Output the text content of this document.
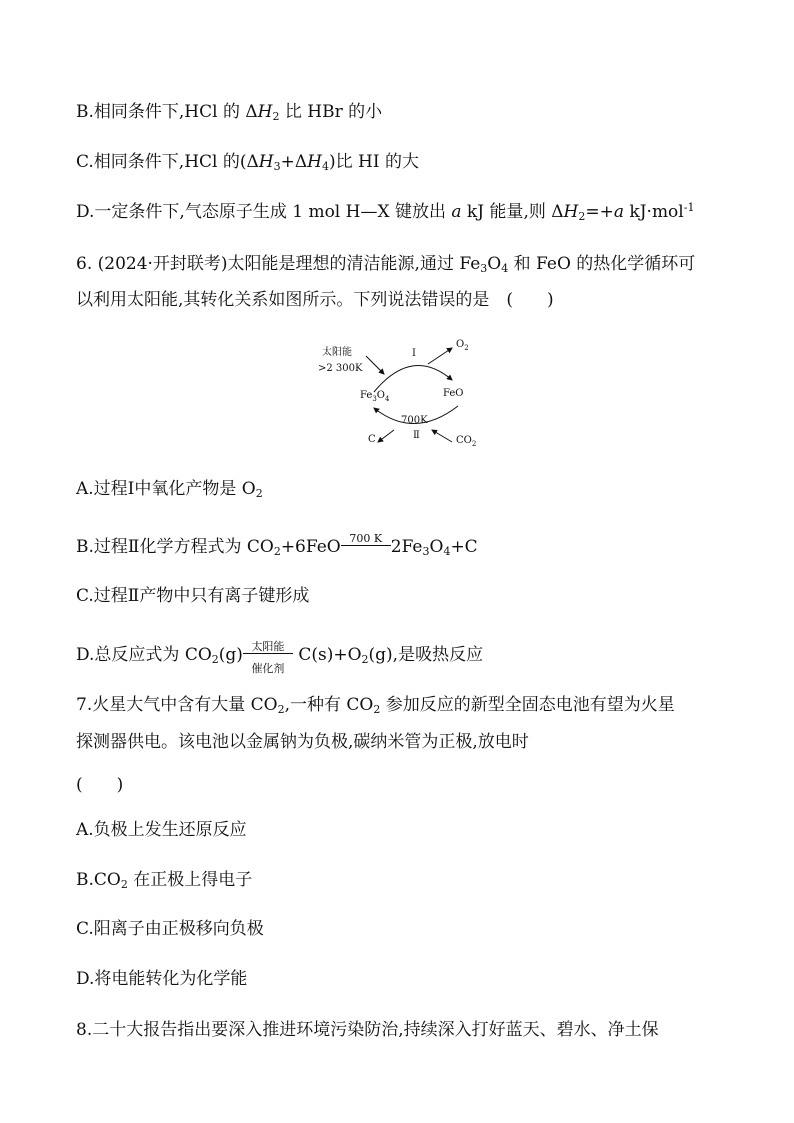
B.相同条件下,HCl 的 $\Delta H_2$ 比 HBr 的小
C.相同条件下,HCl 的$(\Delta H_3+\Delta H_4)$比 HI 的大
D.一定条件下,气态原子生成 1 mol H—X 键放出 a kJ 能量,则 $\Delta H_2=+a$ kJ·mol$^{-1}$
6. (2024·开封联考)太阳能是理想的清洁能源,通过 $Fe_3O_4$ 和 FeO 的热化学循环可
以利用太阳能,其转化关系如图所示。下列说法错误的是　(　　)
太阳能
>2 300K
Ⅰ
$O_2$
FeO
$Fe_3O_4$
700K
Ⅱ
C	$CO_2$
A.过程Ⅰ中氧化产物是 $O_2$
B.过程Ⅱ化学方程式为 $CO_2+6FeO$ 700 K $2Fe_3O_4+C$
C.过程Ⅱ产物中只有离子键形成
D.总反应式为 $CO_2(g)$ 太阳能
催化剂
$C(s)+O_2(g)$,是吸热反应
7.火星大气中含有大量 $CO_2$,一种有 $CO_2$ 参加反应的新型全固态电池有望为火星
探测器供电。该电池以金属钠为负极,碳纳米管为正极,放电时
(　　)
A.负极上发生还原反应
$B.CO_2$ 在正极上得电子
C.阳离子由正极移向负极
D.将电能转化为化学能
8.二十大报告指出要深入推进环境污染防治,持续深入打好蓝天、碧水、净土保
